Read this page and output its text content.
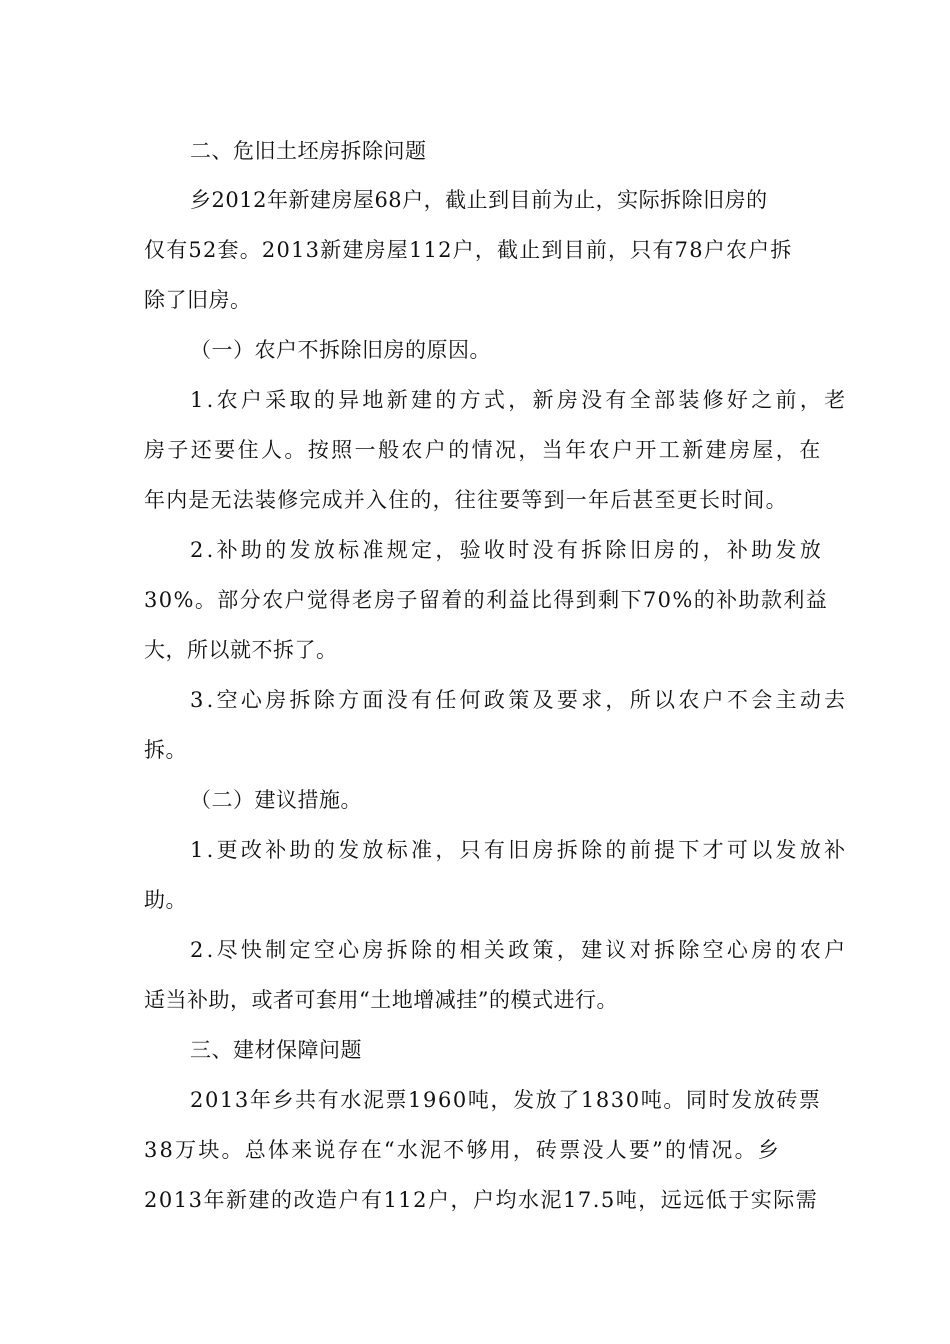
二、危旧土坯房拆除问题
乡2012年新建房屋68户，截止到目前为止，实际拆除旧房的
仅有52套。2013新建房屋112户，截止到目前，只有78户农户拆
除了旧房。
（一）农户不拆除旧房的原因。
1.农户采取的异地新建的方式，新房没有全部装修好之前，老
房子还要住人。按照一般农户的情况，当年农户开工新建房屋，在
年内是无法装修完成并入住的，往往要等到一年后甚至更长时间。
2.补助的发放标准规定，验收时没有拆除旧房的，补助发放
30%。部分农户觉得老房子留着的利益比得到剩下70%的补助款利益
大，所以就不拆了。
3.空心房拆除方面没有任何政策及要求，所以农户不会主动去
拆。
（二）建议措施。
1.更改补助的发放标准，只有旧房拆除的前提下才可以发放补
助。
2.尽快制定空心房拆除的相关政策，建议对拆除空心房的农户
适当补助，或者可套用“土地增减挂”的模式进行。
三、建材保障问题
2013年乡共有水泥票1960吨，发放了1830吨。同时发放砖票
38万块。总体来说存在“水泥不够用，砖票没人要”的情况。乡
2013年新建的改造户有112户，户均水泥17.5吨，远远低于实际需
